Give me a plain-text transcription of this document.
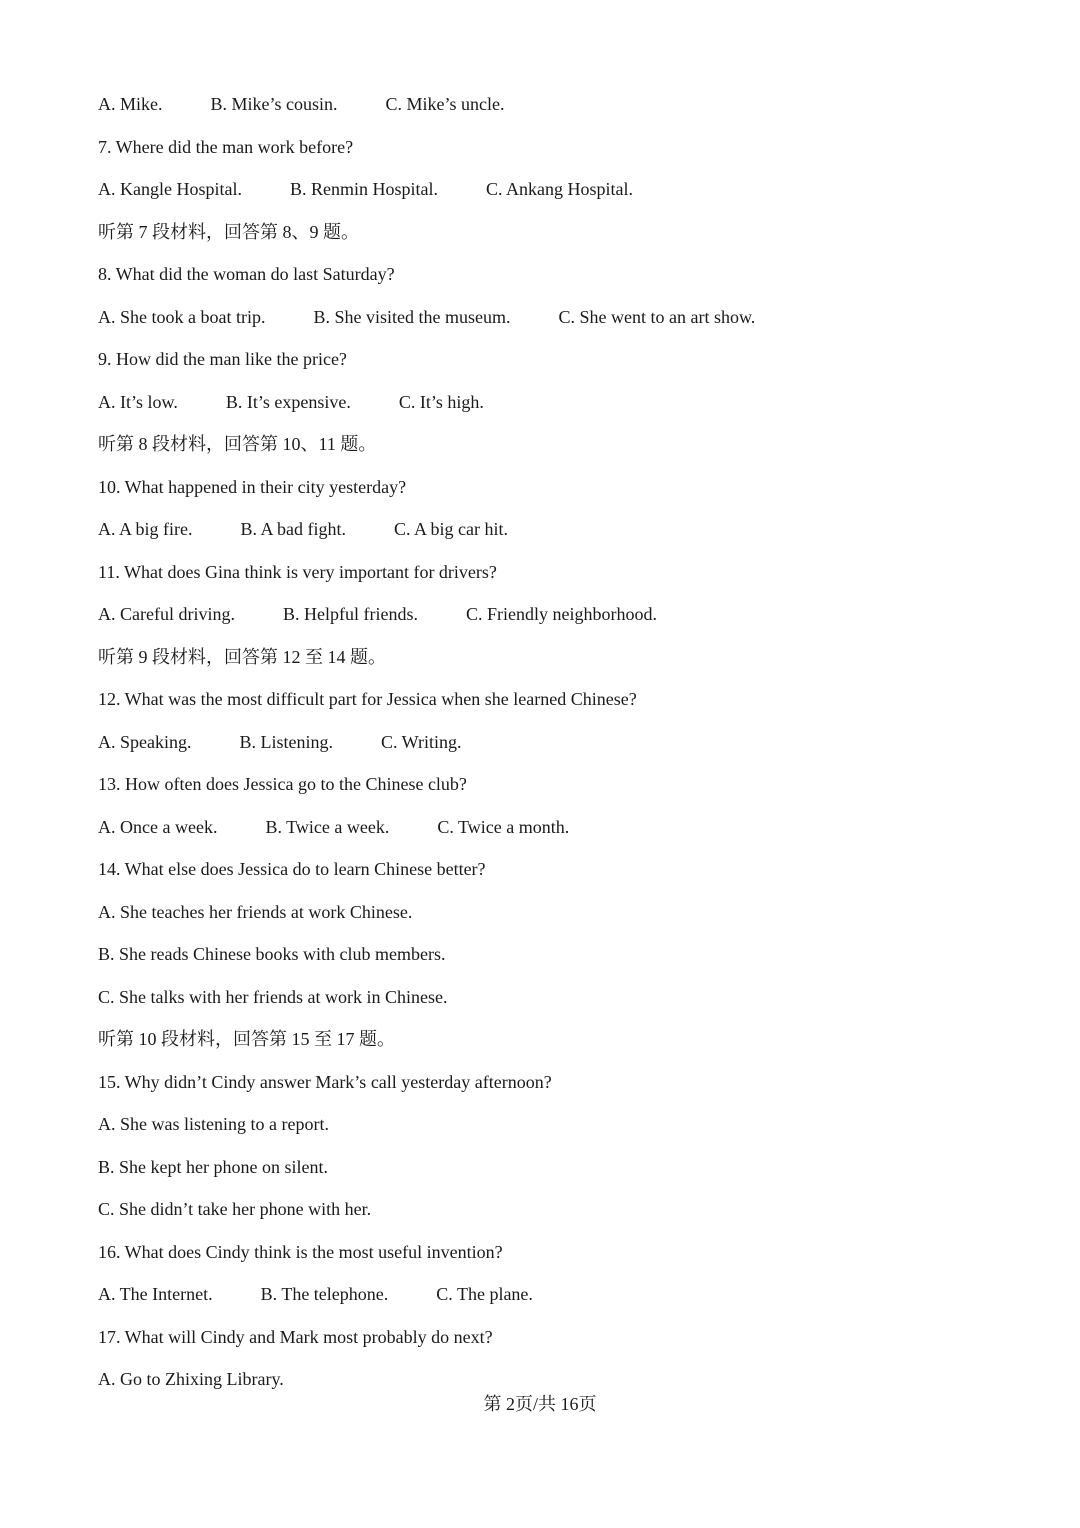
A. Mike.	B. Mike’s cousin.	C. Mike’s uncle.
7. Where did the man work before?
A. Kangle Hospital.	B. Renmin Hospital.	C. Ankang Hospital.
听第 7 段材料，回答第 8、9 题。
8. What did the woman do last Saturday?
A. She took a boat trip.	B. She visited the museum.	C. She went to an art show.
9. How did the man like the price?
A. It’s low.	B. It’s expensive.	C. It’s high.
听第 8 段材料，回答第 10、11 题。
10. What happened in their city yesterday?
A. A big fire.	B. A bad fight.	C. A big car hit.
11. What does Gina think is very important for drivers?
A. Careful driving.	B. Helpful friends.	C. Friendly neighborhood.
听第 9 段材料，回答第 12 至 14 题。
12. What was the most difficult part for Jessica when she learned Chinese?
A. Speaking.	B. Listening.	C. Writing.
13. How often does Jessica go to the Chinese club?
A. Once a week.	B. Twice a week.	C. Twice a month.
14. What else does Jessica do to learn Chinese better?
A. She teaches her friends at work Chinese.
B. She reads Chinese books with club members.
C. She talks with her friends at work in Chinese.
听第 10 段材料，回答第 15 至 17 题。
15. Why didn’t Cindy answer Mark’s call yesterday afternoon?
A. She was listening to a report.
B. She kept her phone on silent.
C. She didn’t take her phone with her.
16. What does Cindy think is the most useful invention?
A. The Internet.	B. The telephone.	C. The plane.
17. What will Cindy and Mark most probably do next?
A. Go to Zhixing Library.
第 2页/共 16页
